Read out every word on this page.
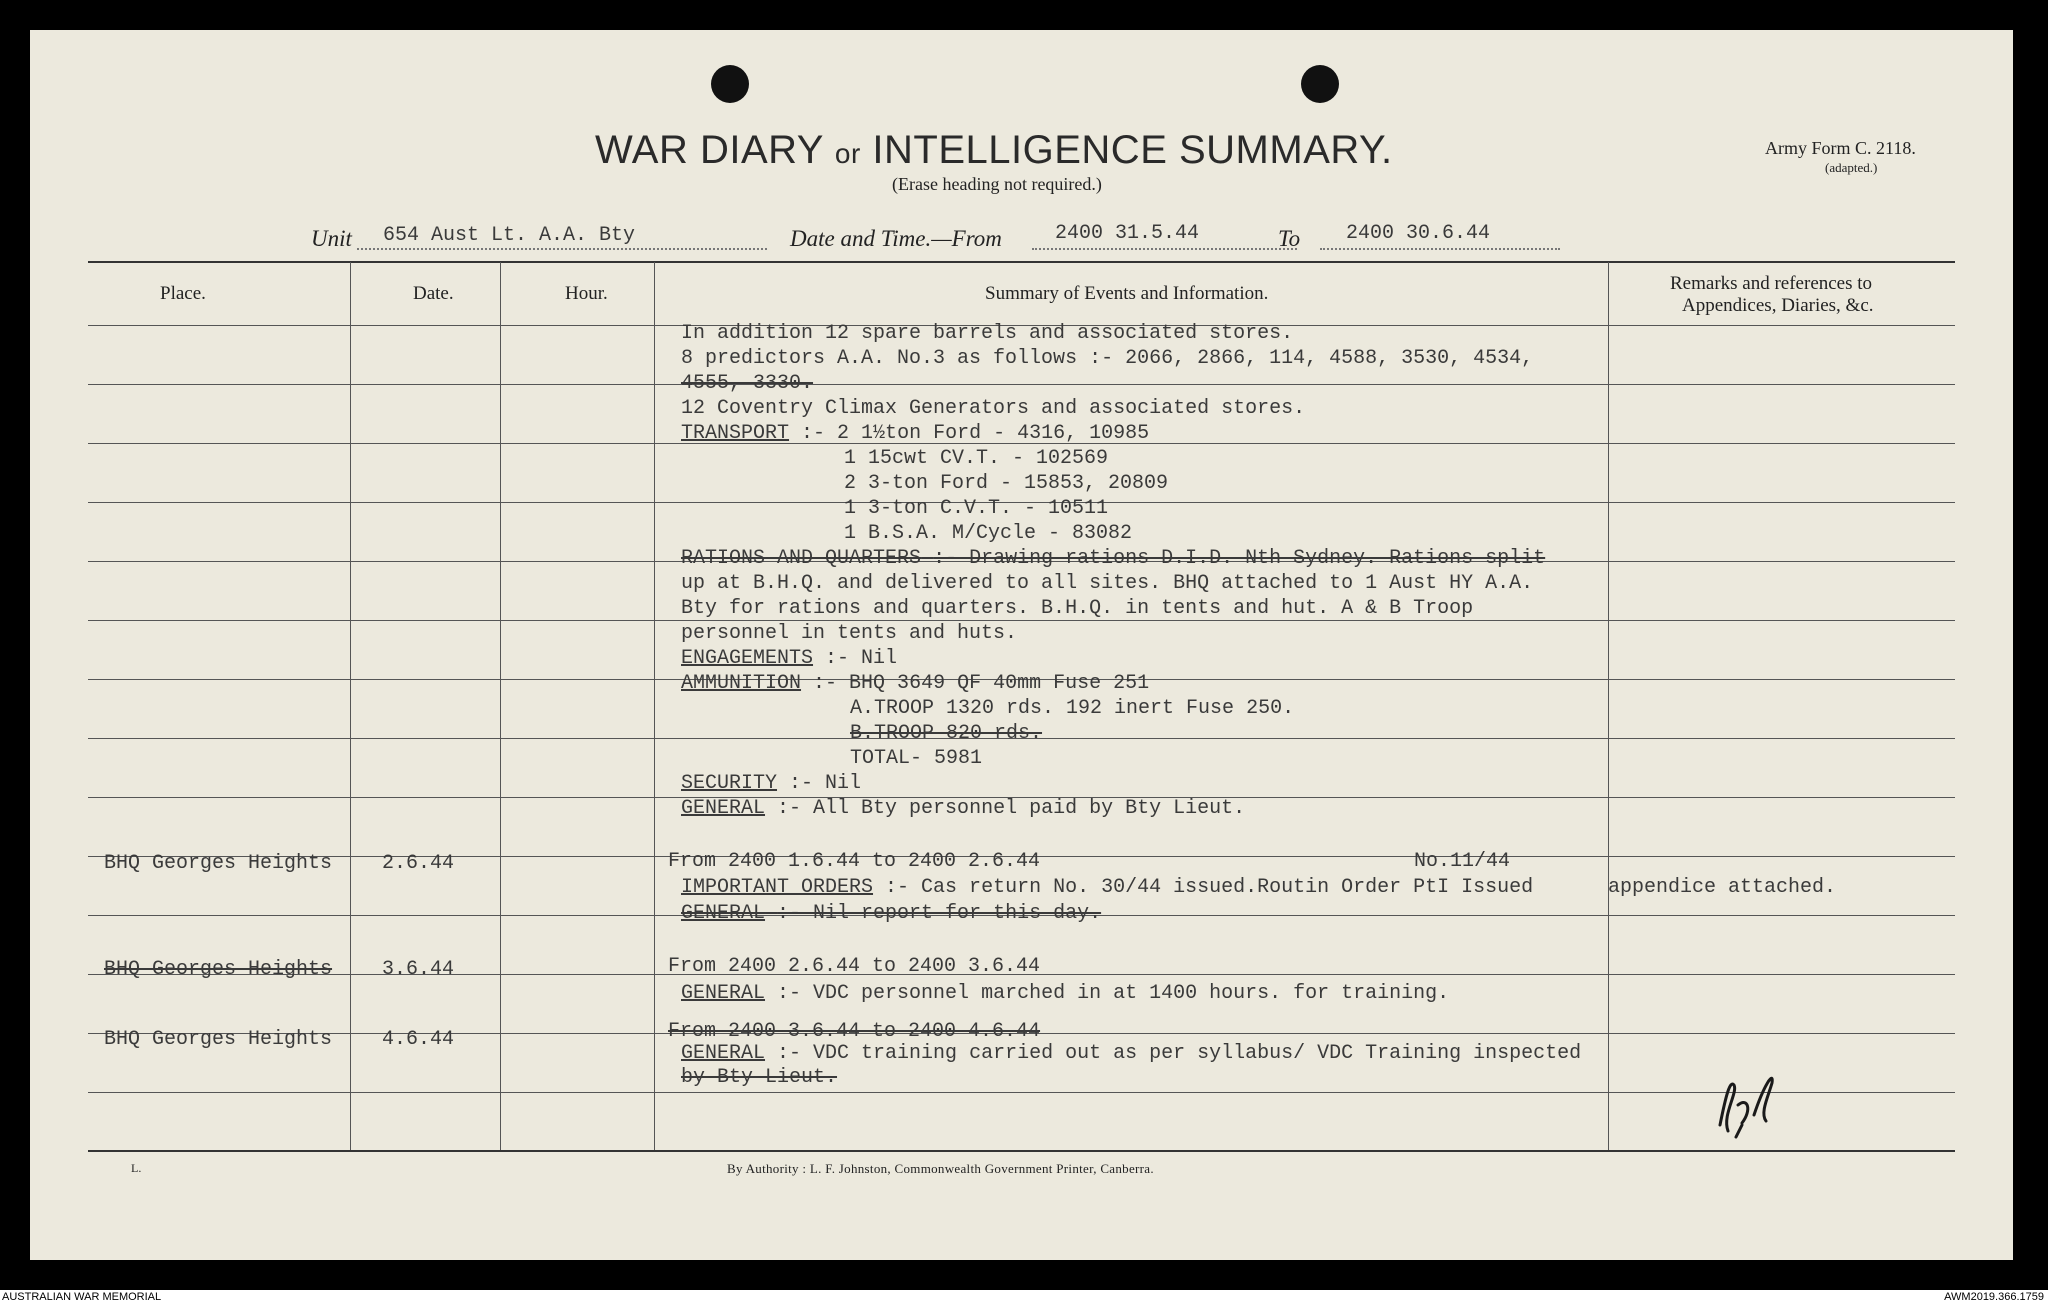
WAR DIARY or INTELLIGENCE SUMMARY.
(Erase heading not required.)
Army Form C. 2118.
(adapted.)
Unit 654 Aust Lt. A.A. Bty	Date and Time.—From	2400 31.5.44	To 2400 30.6.44
Place.	Date.	Hour.	Summary of Events and Information.	Remarks and references to
Appendices, Diaries, &c.
In addition 12 spare barrels and associated stores.
8 predictors A.A. No.3 as follows :- 2066, 2866, 114, 4588, 3530, 4534,
4555, 3330.
12 Coventry Climax Generators and associated stores.
TRANSPORT :- 2 1½ton Ford - 4316, 10985
1 15cwt CV.T. - 102569
2 3-ton Ford - 15853, 20809
1 3-ton C.V.T. - 10511
1 B.S.A. M/Cycle - 83082
RATIONS AND QUARTERS :- Drawing rations D.I.D. Nth Sydney. Rations split
up at B.H.Q. and delivered to all sites. BHQ attached to 1 Aust HY A.A.
Bty for rations and quarters. B.H.Q. in tents and hut. A & B Troop
personnel in tents and huts.
ENGAGEMENTS :- Nil
AMMUNITION :- BHQ 3649 QF 40mm Fuse 251
A.TROOP 1320 rds. 192 inert Fuse 250.
B.TROOP 820 rds.
TOTAL- 5981
SECURITY :- Nil
GENERAL :- All Bty personnel paid by Bty Lieut.
BHQ Georges Heights 2.6.44	From 2400 1.6.44 to 2400 2.6.44	No.11/44
IMPORTANT ORDERS :- Cas return No. 30/44 issued.Routin Order PtI Issued	appendice attached.
GENERAL :- Nil report for this day.
BHQ Georges Heights 3.6.44	From 2400 2.6.44 to 2400 3.6.44
GENERAL :- VDC personnel marched in at 1400 hours. for training.
BHQ Georges Heights 4.6.44	From 2400 3.6.44 to 2400 4.6.44
GENERAL :- VDC training carried out as per syllabus/ VDC Training inspected
by Bty Lieut.
L.	By Authority : L. F. Johnston, Commonwealth Government Printer, Canberra.
AUSTRALIAN WAR MEMORIAL	AWM2019.366.1759
